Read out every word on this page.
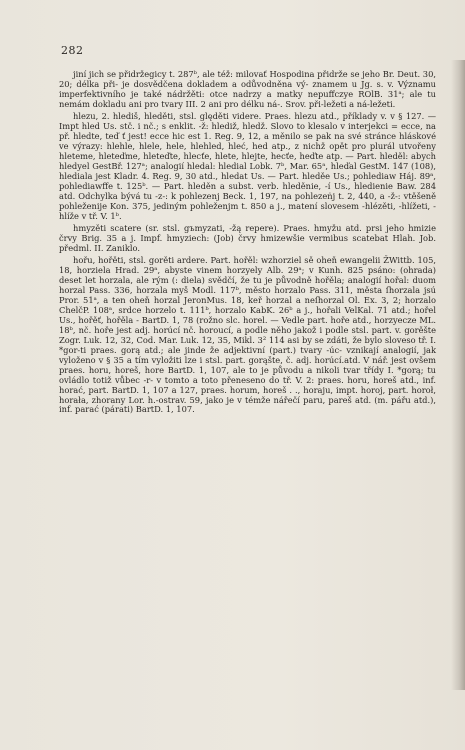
282

jiní jich se přidržegicy t. 287ᵇ, ale též: milovať Hospodina přidrže se jeho Br. Deut. 30, 20; délka při- je dosvědčena dokladem a odůvodněna vý- znamem u Jg. s. v. Významu imperfektivního je také nádržěti: otce nadrzy a matky nepuffczye ROlB. 31ᵃ; ale tu nemám dokladu ani pro tvary III. 2 ani pro délku ná-. Srov. při-ležeti a ná-ležeti.

hlezu, 2. hlediš, hleděti, stsl. ględěti videre. Praes. hlezu atd., příklady v. v § 127. — Impt hled Us. stč. i nč.; s enklit. -ž: hlediž, hledž. Slovo to klesalo v interjekci = ecce, na př. hledte, teď ť jest! ecce hic est 1. Reg. 9, 12, a měnilo se pak na své stránce hláskové ve výrazy: hlehle, hlele, hele, hlehled, hleć, hed atp., z nichž opět pro plurál utvořeny hleteme, hleteďme, hleteďte, hlecťe, hlete, hlejte, hecťe, heďte atp. — Part. hleděl: abych hledyel GestBř. 127ᵃ; analogií hledal: hledial Lobk. 7ᵇ, Mar. 65ᵃ, hleďal GestM. 147 (108), hlediala jest Kladr. 4. Reg. 9, 30 atd., hledat Us. — Part. hleděe Us.; pohlediaw Háj. 89ᵃ, pohlediawffe t. 125ᵇ. — Part. hleděn a subst. verb. hleděnie, -í Us., hledienie Baw. 284 atd. Odchylka bývá tu -z-: k pohlezenj Beck. 1, 197, na pohlezeṅj t. 2, 440, a -ž-: vtěšeně pohleženije Kon. 375, jediným pohleženjm t. 850 a j., matení slovesem -hlézěti, -hlížeti, -hlíže v tř. V. 1ᵇ.

hmyzěti scatere (sr. stsl. gъmyzati, -žą repere). Praes. hmyžu atd. prsi jeho hmizie črvy Brig. 35 a j. Impf. hmyziech: (Job) črvy hmizewšie vermibus scatebat Hlah. Job. předml. II. Zaniklo.

hořu, hořěti, stsl. gorěti ardere. Part. hořěl: wzhorziel sě oheň ewangelii ŽWittb. 105, 18, horziela Hrad. 29ᵃ, abyste vinem horzyely Alb. 29ᵃ; v Kunh. 825 psáno: (ohrada) deset let horzala, ale rým (: diela) svědčí, že tu je původně hořěla; analogií hořal: duom horzal Pass. 336, horzala myš Modl. 117ᵇ, město horzalo Pass. 311, města ſhorzala jsú Pror. 51ᵃ, a ten oheň horzal JeronMus. 18, keř horzal a neſhorzal Ol. Ex. 3, 2; horzalo ChelčP. 108ᵃ, srdce horzelo t. 111ᵇ, horzalo KabK. 26ᵇ a j., hořali VelKal. 71 atd.; hořel Us., hořěť, hořěla - BartD. 1, 78 (rožno slc. horel. — Vedle part. hoře atd., horzyecze ML. 18ᵇ, nč. hoře jest adj. horúcí nč. horoucí, a podle něho jakož i podle stsl. part. v. gorěšte Zogr. Luk. 12, 32, Cod. Mar. Luk. 12, 35, Mikl. 3² 114 asi by se zdáti, že bylo sloveso tř. I. *gor-ti praes. gorą atd.; ale jinde že adjektivní (part.) tvary -úc- vznikají analogií, jak vyloženo v § 35 a tím vyložiti lze i stsl. part. gorąšte, č. adj. horúcí.atd. V nář. jest ovšem praes. horu, horeš, hore BartD. 1, 107, ale to je původu a nikoli tvar třídy I. *gorą; tu ovládlo totiž vůbec -r- v tomto a toto přeneseno do tř. V. 2: praes. horu, horeš atd., inf. horać, part. BartD. 1, 107 a 127, praes. horum, horeš . ., horaju, impt. horoj, part. horoł, horała, zhorany Lor. h.-ostrav. 59, jako je v témže nářečí paru, pareš atd. (m. pářu atd.), inf. parać (párati) BartD. 1, 107.
